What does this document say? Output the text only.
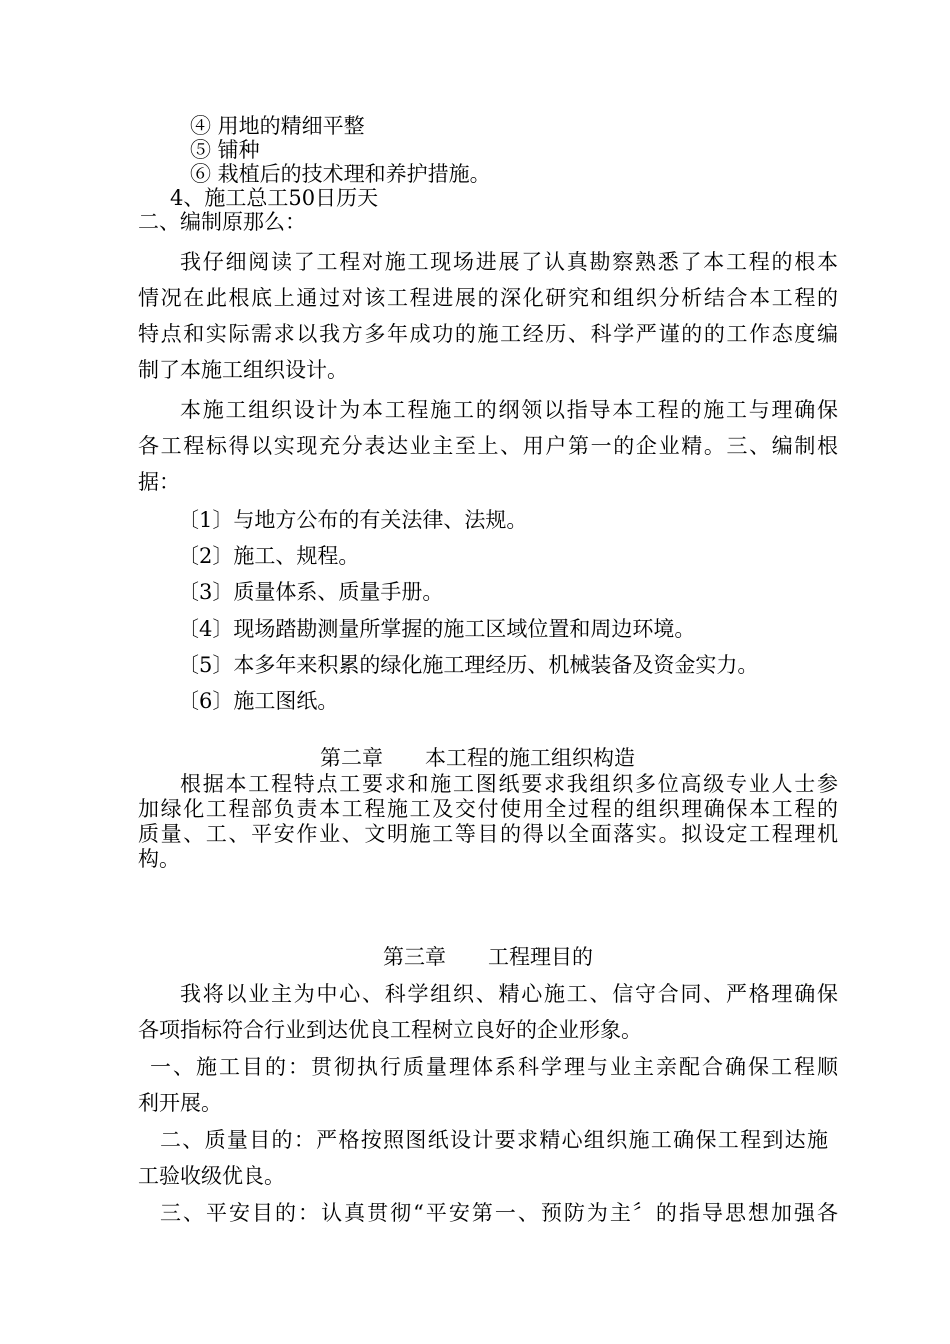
④ 用地的精细平整
⑤ 铺种
⑥ 栽植后的技术理和养护措施。
4、施工总工50日历天
二、编制原那么：
我仔细阅读了工程对施工现场进展了认真勘察熟悉了本工程的根本
情况在此根底上通过对该工程进展的深化研究和组织分析结合本工程的
特点和实际需求以我方多年成功的施工经历、科学严谨的的工作态度编
制了本施工组织设计。
本施工组织设计为本工程施工的纲领以指导本工程的施工与理确保
各工程标得以实现充分表达业主至上、用户第一的企业精。三、编制根
据：
〔1〕与地方公布的有关法律、法规。
〔2〕施工、规程。
〔3〕质量体系、质量手册。
〔4〕现场踏勘测量所掌握的施工区域位置和周边环境。
〔5〕本多年来积累的绿化施工理经历、机械装备及资金实力。
〔6〕施工图纸。
第二章　　本工程的施工组织构造
根据本工程特点工要求和施工图纸要求我组织多位高级专业人士参
加绿化工程部负责本工程施工及交付使用全过程的组织理确保本工程的
质量、工、平安作业、文明施工等目的得以全面落实。拟设定工程理机
构。
第三章　　工程理目的
我将以业主为中心、科学组织、精心施工、信守合同、严格理确保
各项指标符合行业到达优良工程树立良好的企业形象。
一、施工目的：贯彻执行质量理体系科学理与业主亲配合确保工程顺
利开展。
二、质量目的：严格按照图纸设计要求精心组织施工确保工程到达施
工验收级优良。
三、平安目的：认真贯彻“平安第一、预防为主〞的指导思想加强各
